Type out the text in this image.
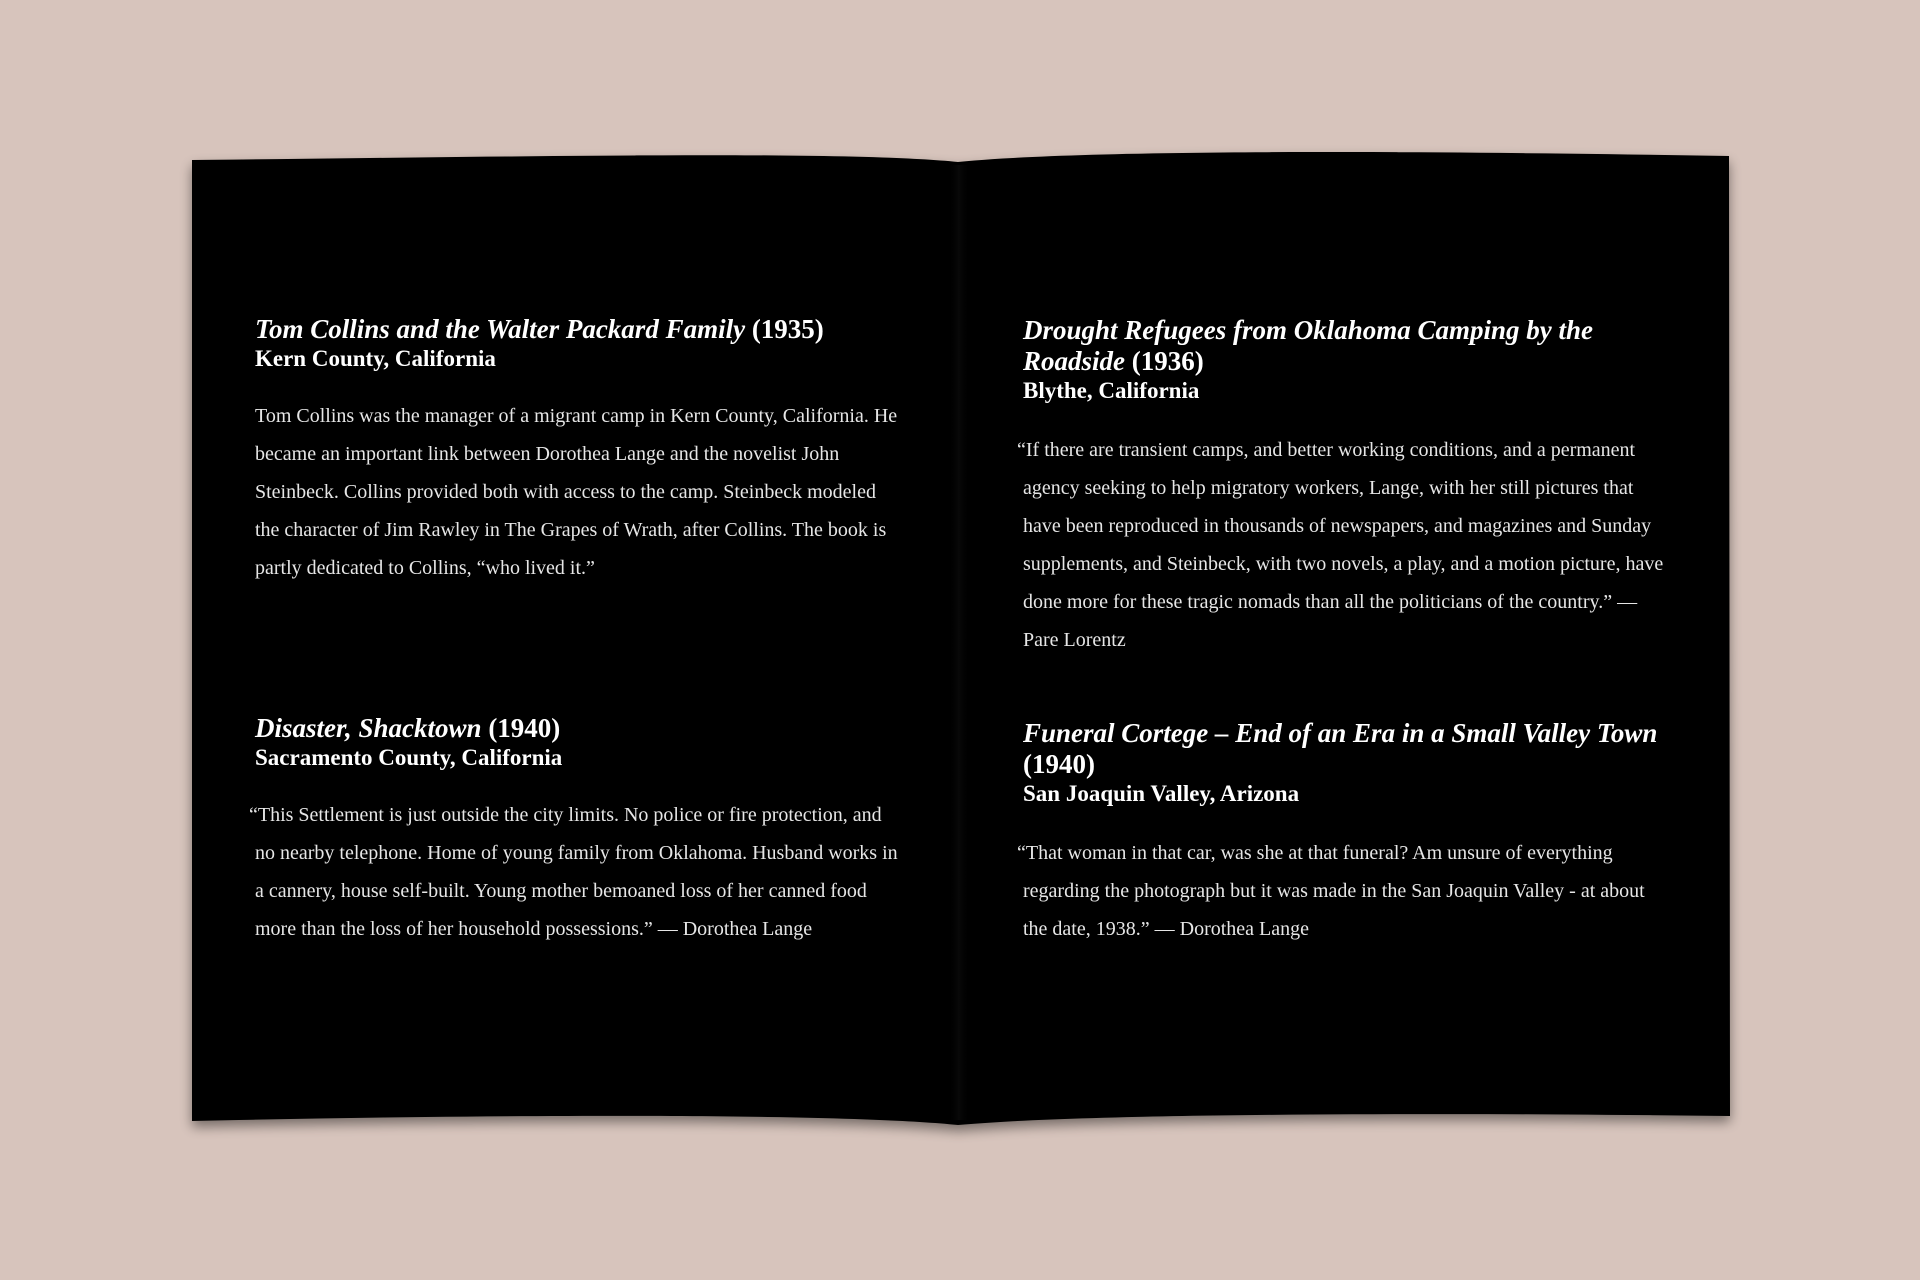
Tom Collins and the Walter Packard Family (1935)
Kern County, California
Tom Collins was the manager of a migrant camp in Kern County, California. He became an important link between Dorothea Lange and the novelist John Steinbeck. Collins provided both with access to the camp. Steinbeck modeled the character of Jim Rawley in The Grapes of Wrath, after Collins. The book is partly dedicated to Collins, “who lived it.”
Drought Refugees from Oklahoma Camping by the Roadside (1936)
Blythe, California
“If there are transient camps, and better working conditions, and a permanent agency seeking to help migratory workers, Lange, with her still pictures that have been reproduced in thousands of newspapers, and magazines and Sunday supplements, and Steinbeck, with two novels, a play, and a motion picture, have done more for these tragic nomads than all the politicians of the country.” — Pare Lorentz
Disaster, Shacktown (1940)
Sacramento County, California
“This Settlement is just outside the city limits. No police or fire protection, and no nearby telephone. Home of young family from Oklahoma. Husband works in a cannery, house self-built. Young mother bemoaned loss of her canned food more than the loss of her household possessions.” — Dorothea Lange
Funeral Cortege – End of an Era in a Small Valley Town (1940)
San Joaquin Valley, Arizona
“That woman in that car, was she at that funeral? Am unsure of everything regarding the photograph but it was made in the San Joaquin Valley - at about the date, 1938.” — Dorothea Lange
